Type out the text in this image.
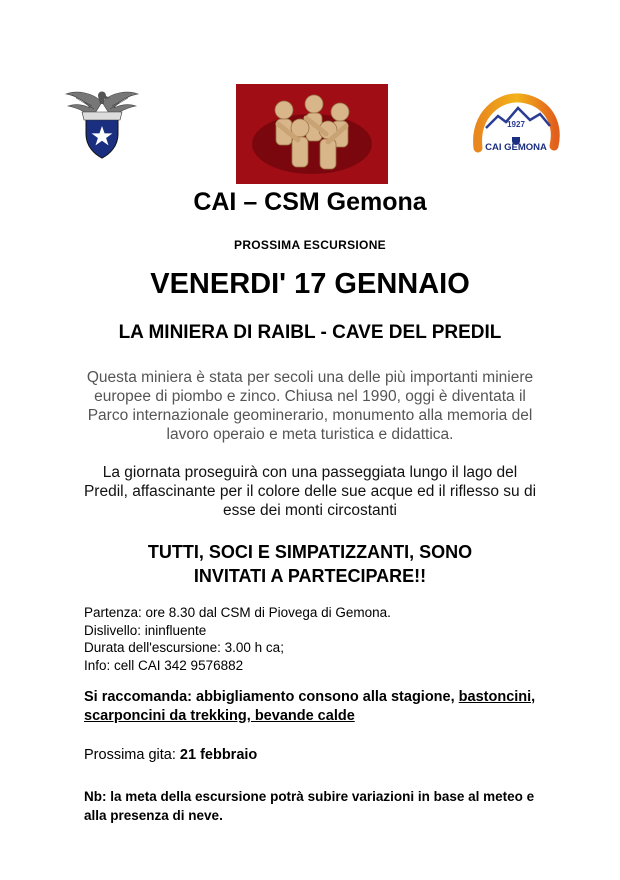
1927
CAI GEMONA
CAI – CSM Gemona
PROSSIMA ESCURSIONE
VENERDI' 17 GENNAIO
LA MINIERA DI RAIBL - CAVE DEL PREDIL
Questa miniera è stata per secoli una delle più importanti miniere europee di piombo e zinco. Chiusa nel 1990, oggi è diventata il Parco internazionale geominerario, monumento alla memoria del lavoro operaio e meta turistica e didattica.
La giornata proseguirà con una passeggiata lungo il lago del Predil, affascinante per il colore delle sue acque ed il riflesso su di esse dei monti circostanti
TUTTI, SOCI E SIMPATIZZANTI, SONO
INVITATI A PARTECIPARE!!
Partenza: ore 8.30 dal CSM di Piovega di Gemona.
Dislivello: ininfluente
Durata dell'escursione: 3.00 h ca;
Info: cell CAI 342 9576882
Si raccomanda: abbigliamento consono alla stagione, bastoncini, scarponcini da trekking, bevande calde
Prossima gita: 21 febbraio
Nb: la meta della escursione potrà subire variazioni in base al meteo e alla presenza di neve.
